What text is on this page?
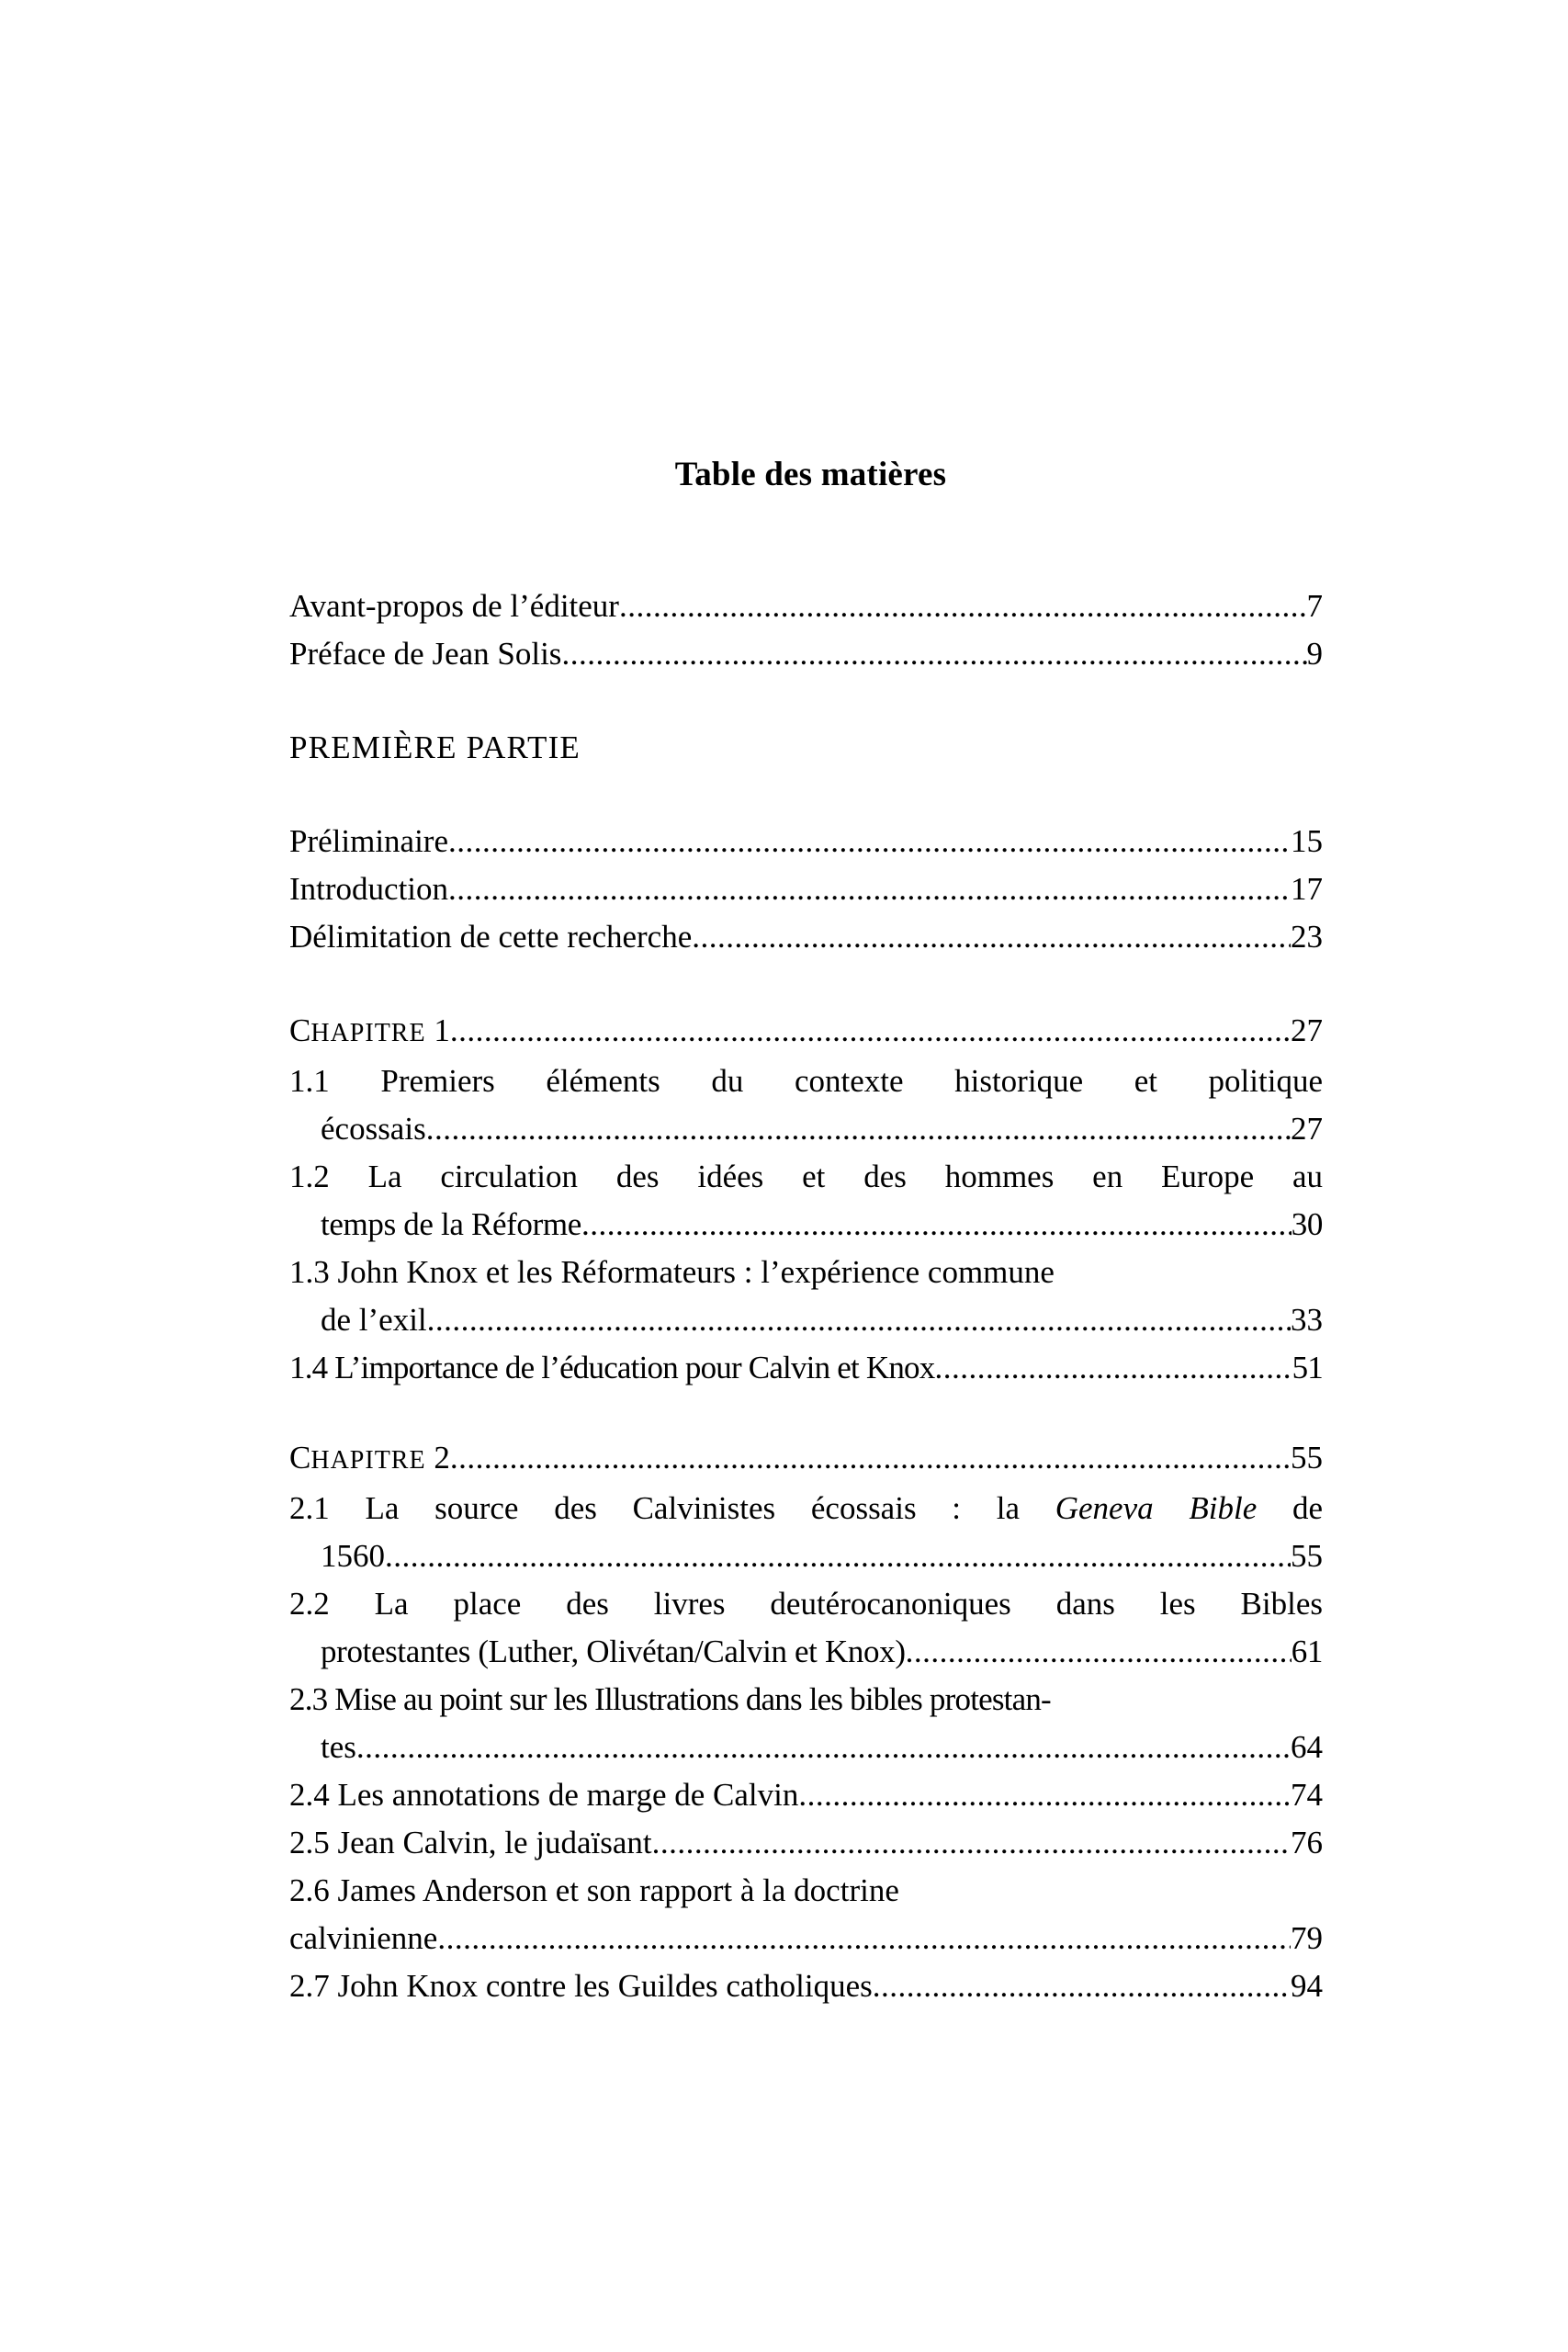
Table des matières
Avant-propos de l’éditeur .....	7
Préface de Jean Solis .....	9
PREMIÈRE PARTIE
Préliminaire .....	15
Introduction .....	17
Délimitation de cette recherche .....	23
CHAPITRE 1 .....	27
1.1 Premiers éléments du contexte historique et politique
écossais .....	27
1.2 La circulation des idées et des hommes en Europe au
temps de la Réforme .....	30
1.3 John Knox et les Réformateurs : l’expérience commune
de l’exil .....	33
1.4 L’importance de l’éducation pour Calvin et Knox .....	51
CHAPITRE 2 .....	55
2.1 La source des Calvinistes écossais : la Geneva Bible de
1560 .....	55
2.2 La place des livres deutérocanoniques dans les Bibles
protestantes (Luther, Olivétan/Calvin et Knox) .....	61
2.3 Mise au point sur les Illustrations dans les bibles protestan-
tes .....	64
2.4 Les annotations de marge de Calvin .....	74
2.5 Jean Calvin, le judaïsant .....	76
2.6 James Anderson et son rapport à la doctrine
calvinienne .....	79
2.7 John Knox contre les Guildes catholiques .....	94
